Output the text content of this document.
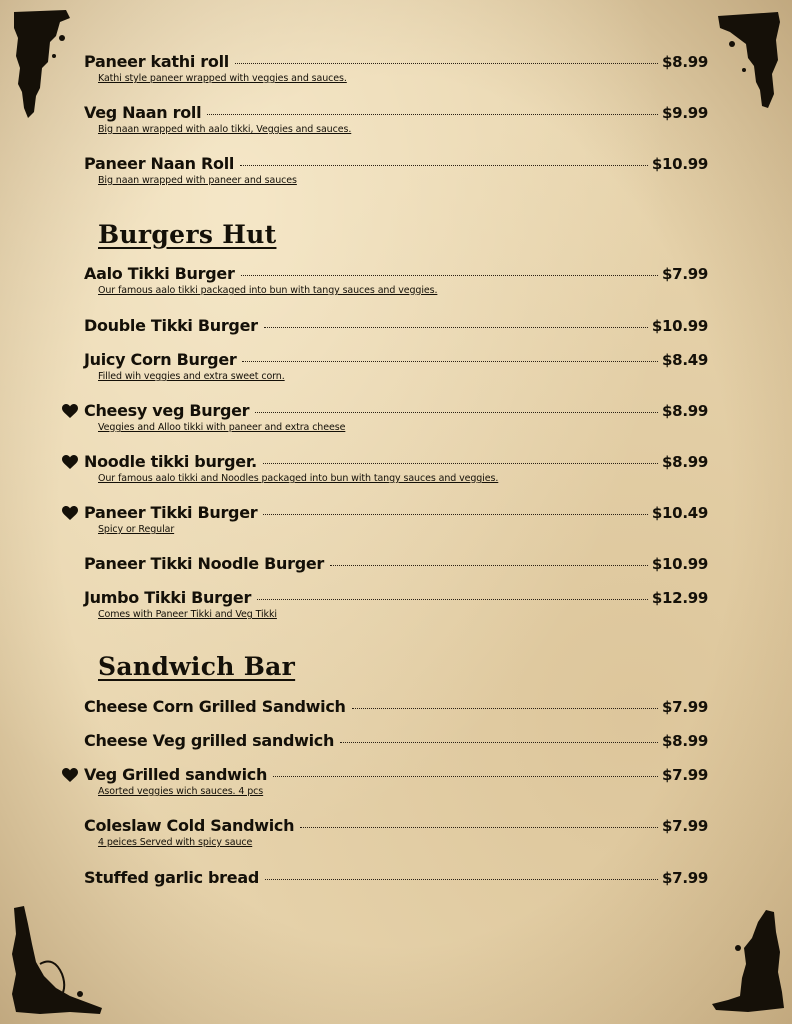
Paneer kathi roll	$8.99
Kathi style paneer wrapped with veggies and sauces.
Veg Naan roll	$9.99
Big naan wrapped with aalo tikki, Veggies and sauces.
Paneer Naan Roll	$10.99
Big naan wrapped with paneer and sauces
Burgers Hut
Aalo Tikki Burger	$7.99
Our famous aalo tikki packaged into bun with tangy sauces and veggies.
Double Tikki Burger	$10.99
Juicy Corn Burger	$8.49
Filled wih veggies and extra sweet corn.
Cheesy veg Burger	$8.99
Veggies and Alloo tikki with paneer and extra cheese
Noodle tikki burger.	$8.99
Our famous aalo tikki and Noodles packaged into bun with tangy sauces and veggies.
Paneer Tikki Burger	$10.49
Spicy or Regular
Paneer Tikki Noodle Burger	$10.99
Jumbo Tikki Burger	$12.99
Comes with Paneer Tikki and Veg Tikki
Sandwich Bar
Cheese Corn Grilled Sandwich	$7.99
Cheese Veg grilled sandwich	$8.99
Veg Grilled sandwich	$7.99
Asorted veggies wich sauces. 4 pcs
Coleslaw Cold Sandwich	$7.99
4 peices Served with spicy sauce
Stuffed garlic bread	$7.99
